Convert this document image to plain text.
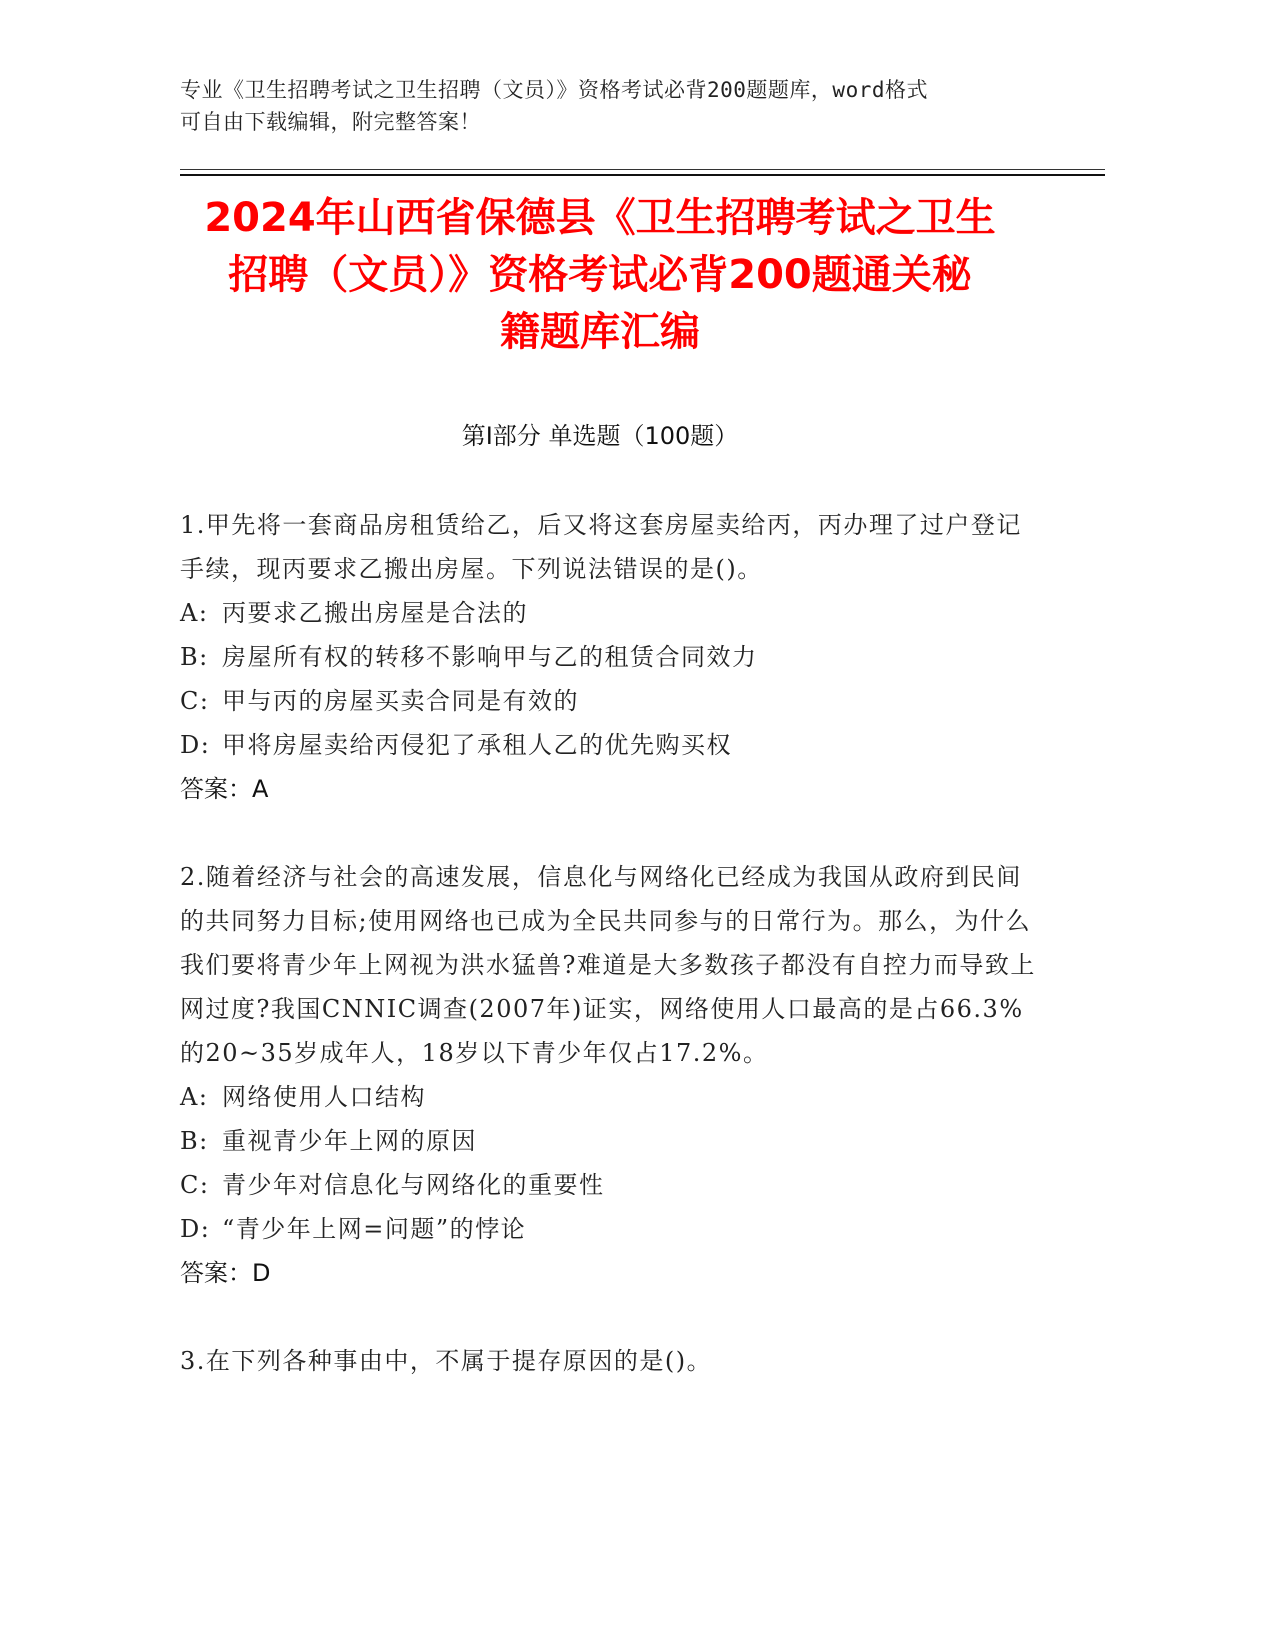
专业《卫生招聘考试之卫生招聘（文员）》资格考试必背200题题库，word格式
可自由下载编辑，附完整答案！
2024年山西省保德县《卫生招聘考试之卫生
招聘（文员）》资格考试必背200题通关秘
籍题库汇编
第Ⅰ部分 单选题（100题）

1.甲先将一套商品房租赁给乙，后又将这套房屋卖给丙，丙办理了过户登记手续，现丙要求乙搬出房屋。下列说法错误的是()。

A: 丙要求乙搬出房屋是合法的

B: 房屋所有权的转移不影响甲与乙的租赁合同效力

C: 甲与丙的房屋买卖合同是有效的

D: 甲将房屋卖给丙侵犯了承租人乙的优先购买权

答案：A

2.随着经济与社会的高速发展，信息化与网络化已经成为我国从政府到民间的共同努力目标;使用网络也已成为全民共同参与的日常行为。那么，为什么我们要将青少年上网视为洪水猛兽?难道是大多数孩子都没有自控力而导致上网过度?我国CNNIC调查(2007年)证实，网络使用人口最高的是占66.3%的20~35岁成年人，18岁以下青少年仅占17.2%。

A: 网络使用人口结构

B: 重视青少年上网的原因

C: 青少年对信息化与网络化的重要性

D: “青少年上网=问题”的悖论

答案：D

3.在下列各种事由中，不属于提存原因的是()。
